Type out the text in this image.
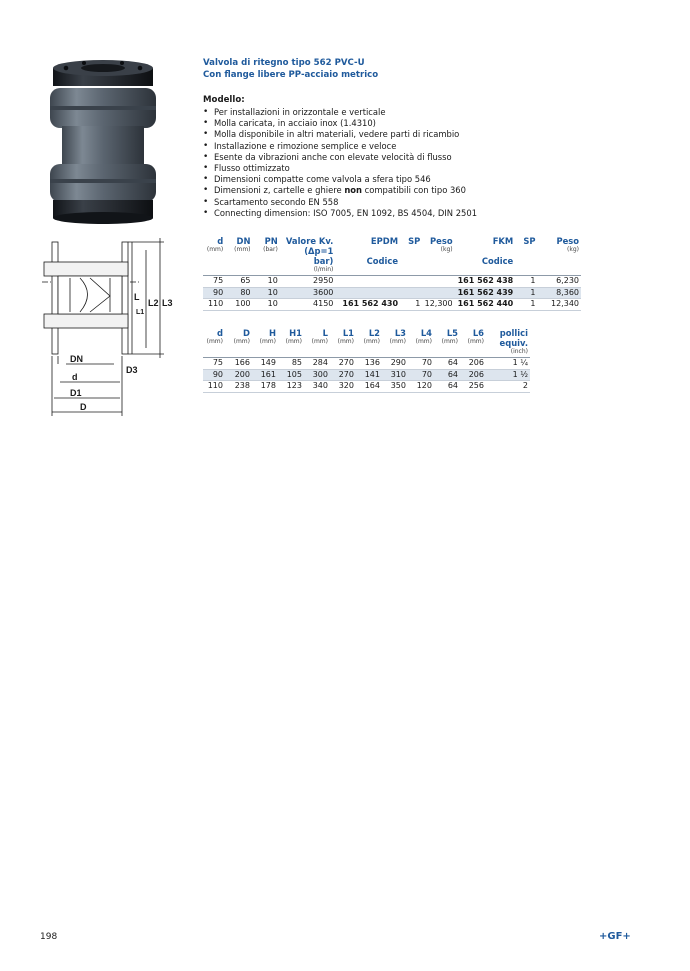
L
L1
L2 L3
DN
D3
d
D1
D
Valvola di ritegno tipo 562 PVC-U
Con flange libere PP-acciaio metrico
Modello:
• Per installazioni in orizzontale e verticale
• Molla caricata, in acciaio inox (1.4310)
• Molla disponibile in altri materiali, vedere parti di ricambio
• Installazione e rimozione semplice e veloce
• Esente da vibrazioni anche con elevate velocità di flusso
• Flusso ottimizzato
• Dimensioni compatte come valvola a sfera tipo 546
• Dimensioni z, cartelle e ghiere non compatibili con tipo 360
• Scartamento secondo EN 558
• Connecting dimension: ISO 7005, EN 1092, BS 4504, DIN 2501
d	DN	PN	Valore Kv.	EPDM	SP	Peso	FKM	SP	Peso
(mm)	(mm)	(bar)	(Δp=1 bar)	Codice		(kg)	Codice		(kg)
			(l/min)						
75	65	10	2950				161 562 438	1	6,230
90	80	10	3600				161 562 439	1	8,360
110	100	10	4150	161 562 430	1	12,300	161 562 440	1	12,340
d	D	H	H1	L	L1	L2	L3	L4	L5	L6	pollici
(mm)	(mm)	(mm)	(mm)	(mm)	(mm)	(mm)	(mm)	(mm)	(mm)	(mm)	equiv.
											(inch)
75	166	149	85	284	270	136	290	70	64	206	1 ¼
90	200	161	105	300	270	141	310	70	64	206	1 ½
110	238	178	123	340	320	164	350	120	64	256	2
198	+GF+
